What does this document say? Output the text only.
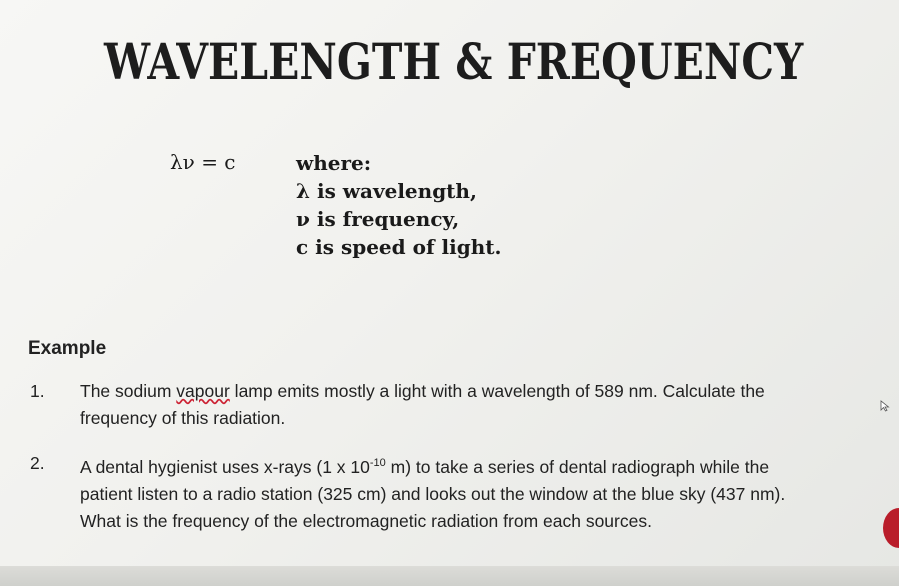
WAVELENGTH & FREQUENCY
λν = c	where:
λ is wavelength,
ν is frequency,
c is speed of light.
Example
1. The sodium vapour lamp emits mostly a light with a wavelength of 589 nm. Calculate the
frequency of this radiation.
2. A dental hygienist uses x-rays (1 x $10^{-10}$ m) to take a series of dental radiograph while the
patient listen to a radio station (325 cm) and looks out the window at the blue sky (437 nm).
What is the frequency of the electromagnetic radiation from each sources.
